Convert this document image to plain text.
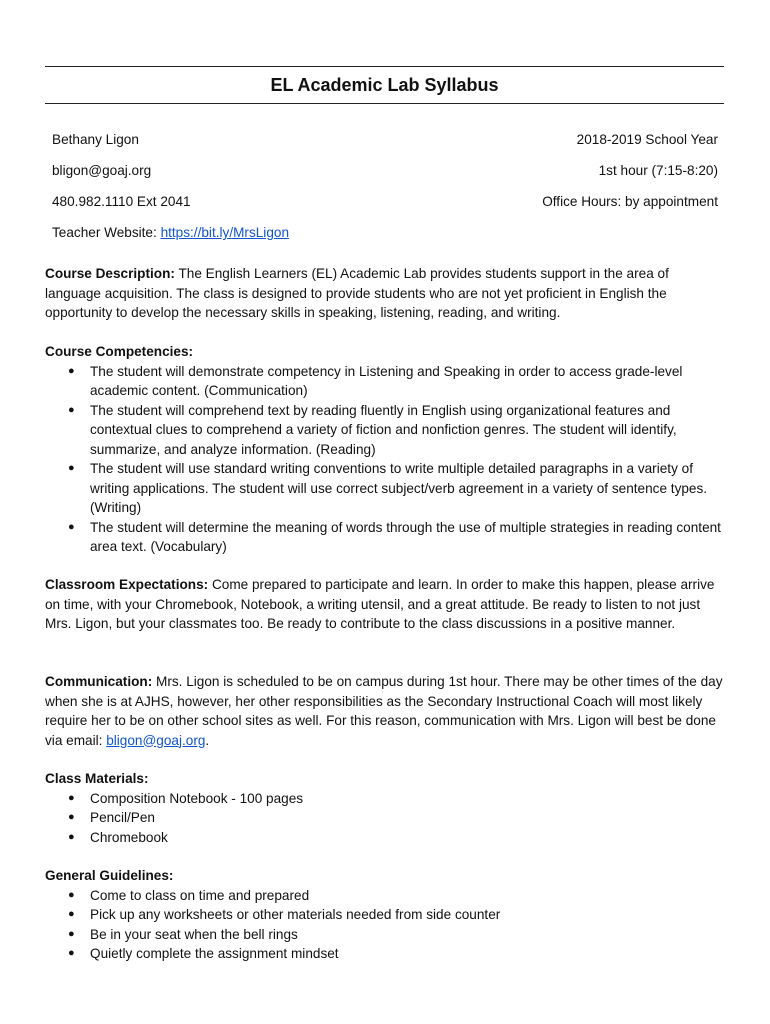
EL Academic Lab Syllabus
Bethany Ligon	2018-2019 School Year
bligon@goaj.org	1st hour (7:15-8:20)
480.982.1110 Ext 2041	Office Hours: by appointment
Teacher Website: https://bit.ly/MrsLigon

Course Description: The English Learners (EL) Academic Lab provides students support in the area of language acquisition. The class is designed to provide students who are not yet proficient in English the opportunity to develop the necessary skills in speaking, listening, reading, and writing.

Course Competencies:

● The student will demonstrate competency in Listening and Speaking in order to access grade-level academic content. (Communication)
● The student will comprehend text by reading fluently in English using organizational features and contextual clues to comprehend a variety of fiction and nonfiction genres. The student will identify, summarize, and analyze information. (Reading)
● The student will use standard writing conventions to write multiple detailed paragraphs in a variety of writing applications. The student will use correct subject/verb agreement in a variety of sentence types. (Writing)
● The student will determine the meaning of words through the use of multiple strategies in reading content area text. (Vocabulary)

Classroom Expectations: Come prepared to participate and learn. In order to make this happen, please arrive on time, with your Chromebook, Notebook, a writing utensil, and a great attitude. Be ready to listen to not just Mrs. Ligon, but your classmates too. Be ready to contribute to the class discussions in a positive manner.

Communication: Mrs. Ligon is scheduled to be on campus during 1st hour. There may be other times of the day when she is at AJHS, however, her other responsibilities as the Secondary Instructional Coach will most likely require her to be on other school sites as well. For this reason, communication with Mrs. Ligon will best be done via email: bligon@goaj.org.

Class Materials:

● Composition Notebook - 100 pages
● Pencil/Pen
● Chromebook

General Guidelines:

● Come to class on time and prepared
● Pick up any worksheets or other materials needed from side counter
● Be in your seat when the bell rings
● Quietly complete the assignment mindset
